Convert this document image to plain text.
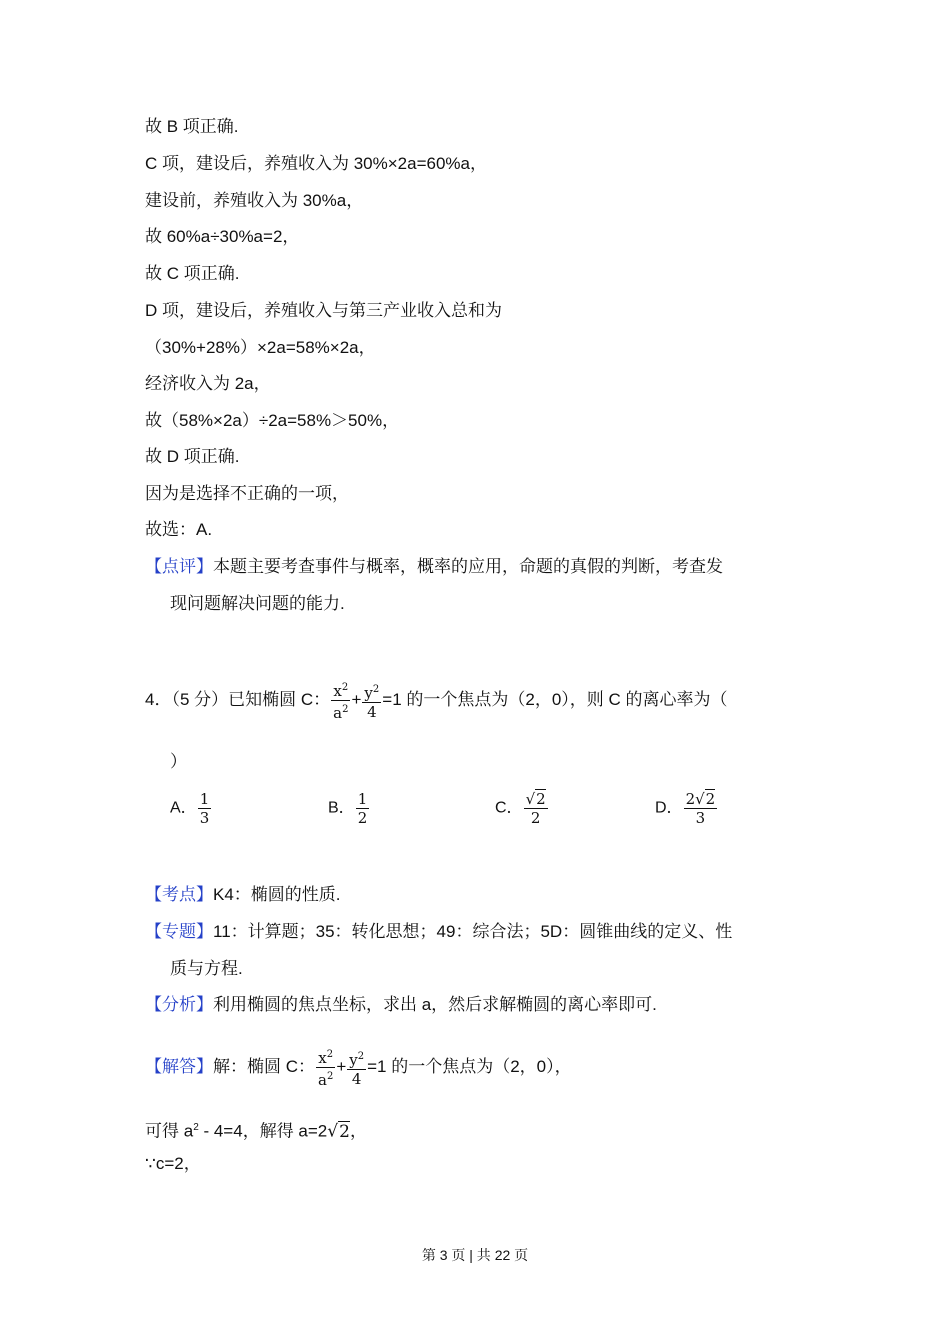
故 B 项正确.
C 项，建设后，养殖收入为 30%×2a=60%a，
建设前，养殖收入为 30%a，
故 60%a÷30%a=2，
故 C 项正确.
D 项，建设后，养殖收入与第三产业收入总和为
（30%+28%）×2a=58%×2a，
经济收入为 2a，
故（58%×2a）÷2a=58%＞50%，
故 D 项正确.
因为是选择不正确的一项，
故选：A.
【点评】本题主要考查事件与概率，概率的应用，命题的真假的判断，考查发
现问题解决问题的能力.
4．（5 分）已知椭圆 C： $\frac{x^2}{a^2} + \frac{y^2}{4} =1$ 的一个焦点为（2，0），则 C 的离心率为（
）
A． $\frac{1}{3}$	B． $\frac{1}{2}$	C． $\frac{√2}{2}$	D． $\frac{2√2}{3}$
【考点】K4：椭圆的性质.
【专题】11：计算题；35：转化思想；49：综合法；5D：圆锥曲线的定义、性
质与方程.
【分析】利用椭圆的焦点坐标，求出 a，然后求解椭圆的离心率即可.
【解答】解：椭圆 C： $\frac{x^2}{a^2} + \frac{y^2}{4} =1$ 的一个焦点为（2，0），
可得 $a^2 - 4=4$，解得 a=2√2，
∵c=2，
第 3 页 | 共 22 页
